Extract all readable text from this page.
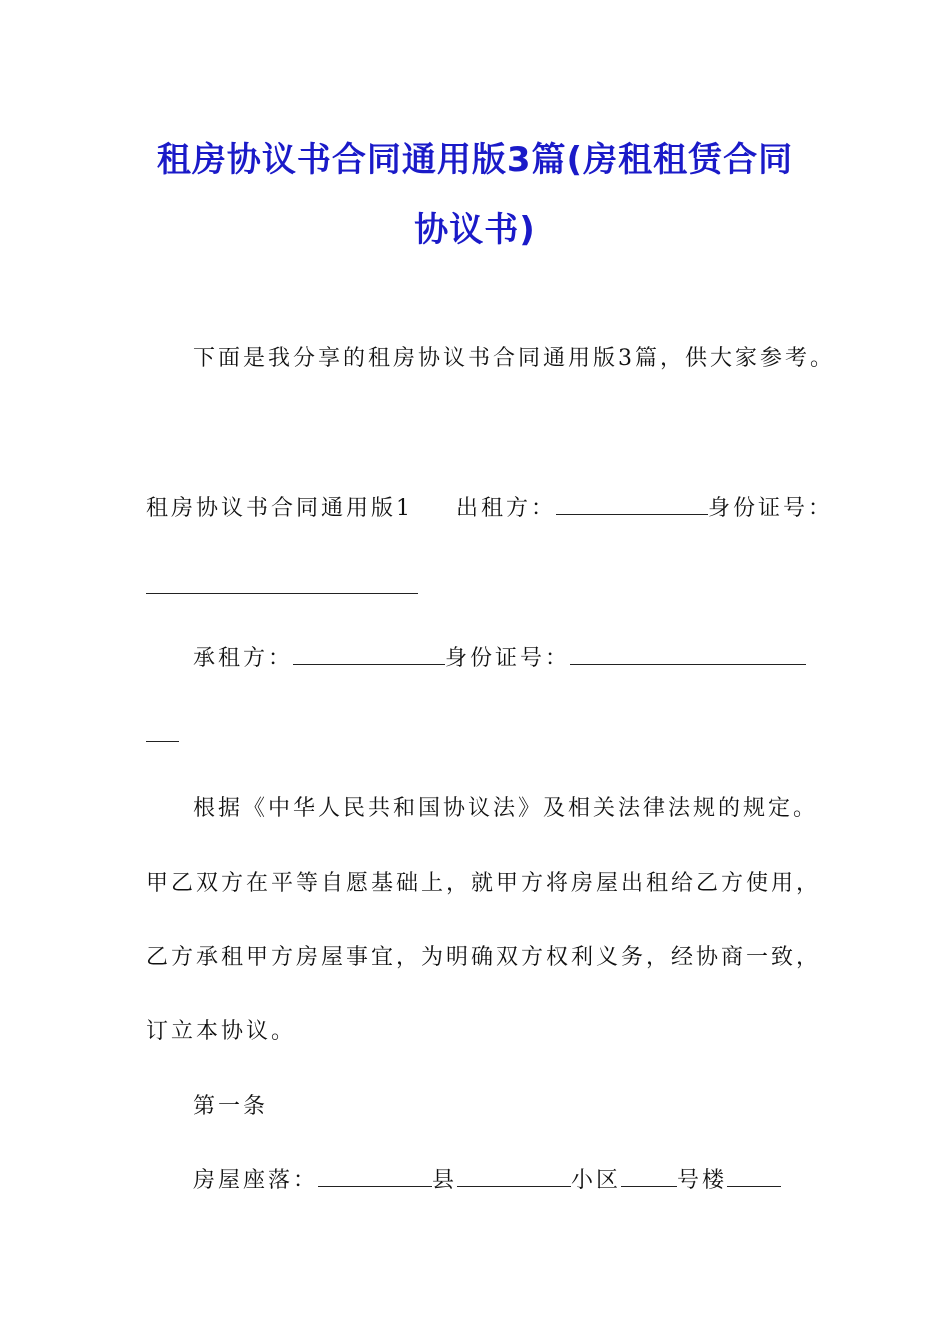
租房协议书合同通用版3篇(房租租赁合同
协议书)
下面是我分享的租房协议书合同通用版3篇，供大家参考。
租房协议书合同通用版1 出租方：	身份证号：
承租方：	身份证号：
根据《中华人民共和国协议法》及相关法律法规的规定。
甲乙双方在平等自愿基础上，就甲方将房屋出租给乙方使用，
乙方承租甲方房屋事宜，为明确双方权利义务，经协商一致，
订立本协议。
第一条
房屋座落：	县	小区	号楼
